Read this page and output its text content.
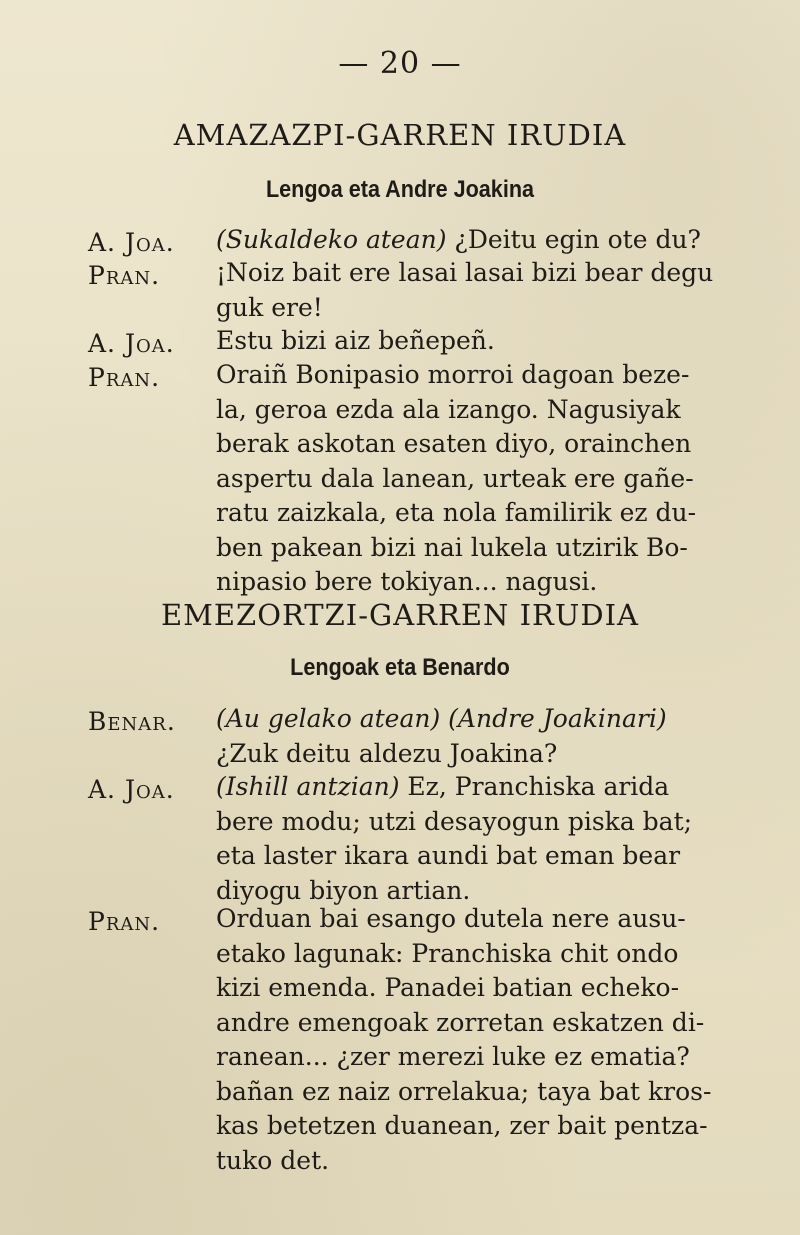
— 20 —
AMAZAZPI-GARREN IRUDIA
Lengoa eta Andre Joakina
A. Joa. (Sukaldeko atean) ¿Deitu egin ote du?
Pran. ¡Noiz bait ere lasai lasai bizi bear degu
guk ere!
A. Joa. Estu bizi aiz beñepeñ.
Pran. Oraiñ Bonipasio morroi dagoan beze-
la, geroa ezda ala izango. Nagusiyak
berak askotan esaten diyo, orainchen
aspertu dala lanean, urteak ere gañe-
ratu zaizkala, eta nola familirik ez du-
ben pakean bizi nai lukela utzirik Bo-
nipasio bere tokiyan... nagusi.
EMEZORTZI-GARREN IRUDIA
Lengoak eta Benardo
Benar. (Au gelako atean) (Andre Joakinari)
¿Zuk deitu aldezu Joakina?
A. Joa. (Ishill antzian) Ez, Pranchiska arida
bere modu; utzi desayogun piska bat;
eta laster ikara aundi bat eman bear
diyogu biyon artian.
Pran. Orduan bai esango dutela nere ausu-
etako lagunak: Pranchiska chit ondo
kizi emenda. Panadei batian echeko-
andre emengoak zorretan eskatzen di-
ranean... ¿zer merezi luke ez ematia?
bañan ez naiz orrelakua; taya bat kros-
kas betetzen duanean, zer bait pentza-
tuko det.
